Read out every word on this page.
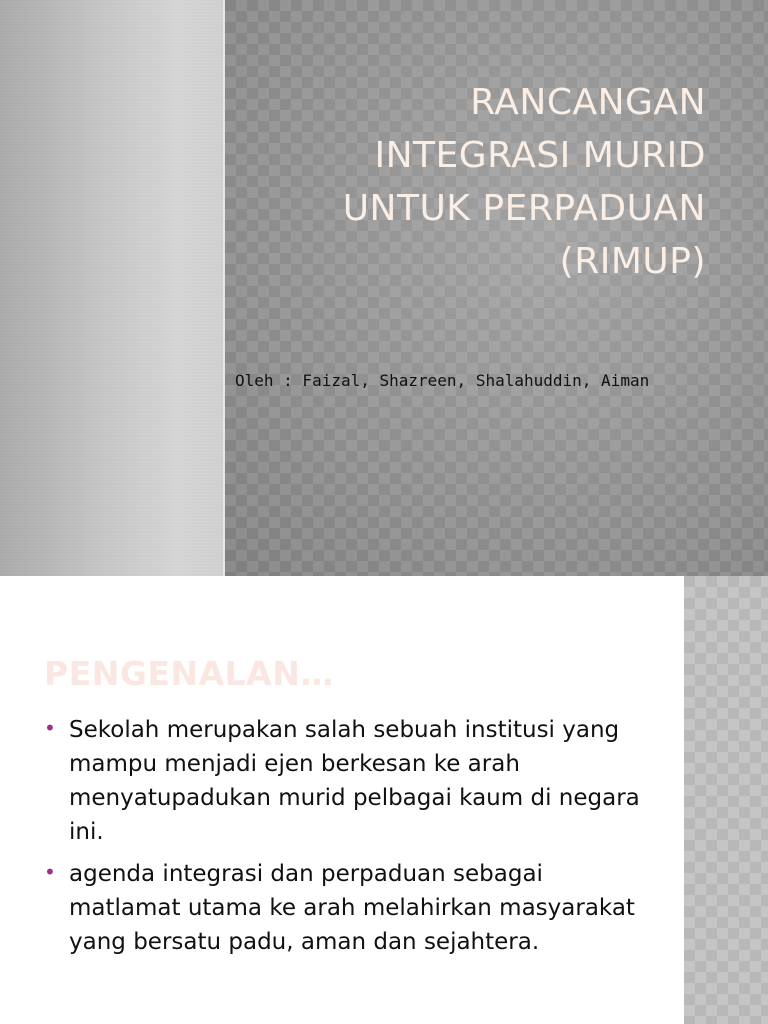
RANCANGAN
INTEGRASI MURID
UNTUK PERPADUAN
(RIMUP)

Oleh : Faizal, Shazreen, Shalahuddin, Aiman

PENGENALAN…
• Sekolah merupakan salah sebuah institusi yang mampu menjadi ejen berkesan ke arah menyatupadukan murid pelbagai kaum di negara ini.
• agenda integrasi dan perpaduan sebagai matlamat utama ke arah melahirkan masyarakat yang bersatu padu, aman dan sejahtera.
